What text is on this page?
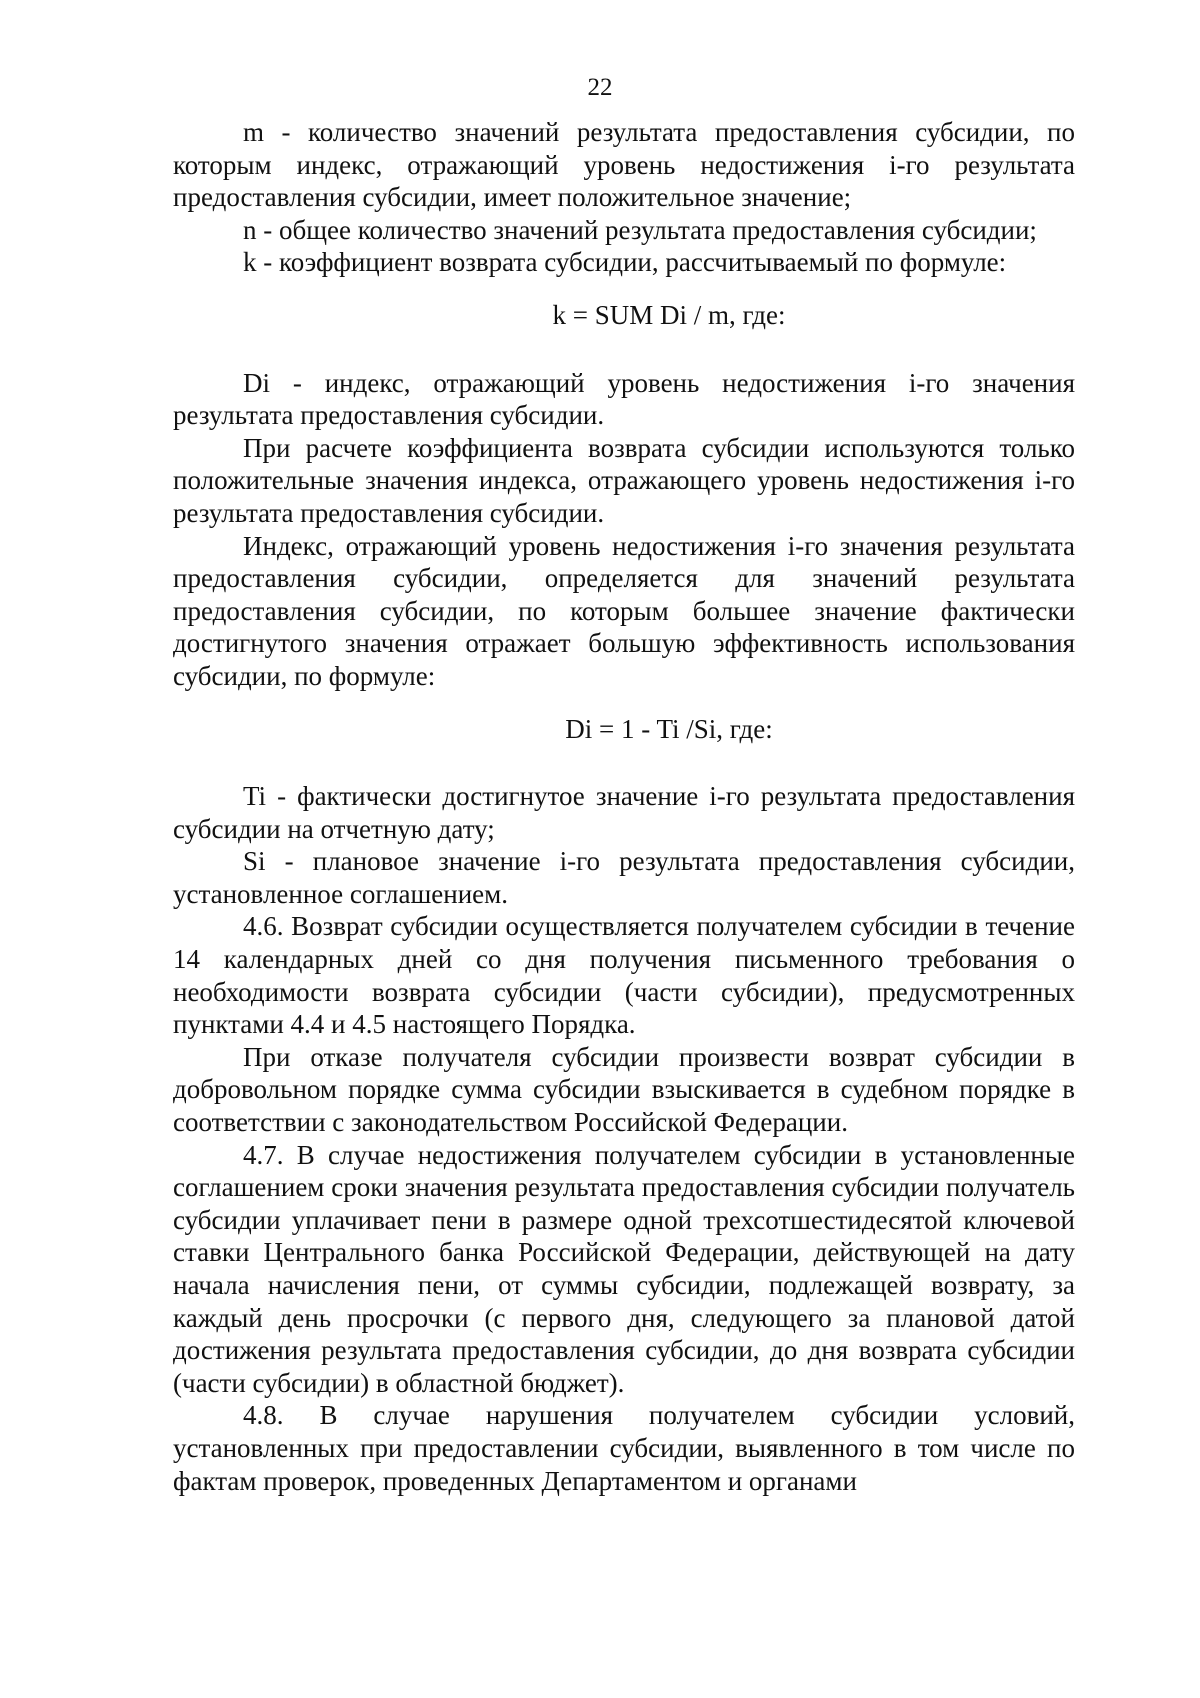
22

m - количество значений результата предоставления субсидии, по которым индекс, отражающий уровень недостижения i-го результата предоставления субсидии, имеет положительное значение;

n - общее количество значений результата предоставления субсидии;

k - коэффициент возврата субсидии, рассчитываемый по формуле:

k = SUM Di / m, где:

Di - индекс, отражающий уровень недостижения i-го значения результата предоставления субсидии.

При расчете коэффициента возврата субсидии используются только положительные значения индекса, отражающего уровень недостижения i-го результата предоставления субсидии.

Индекс, отражающий уровень недостижения i-го значения результата предоставления субсидии, определяется для значений результата предоставления субсидии, по которым большее значение фактически достигнутого значения отражает большую эффективность использования субсидии, по формуле:

Di = 1 - Ti /Si, где:

Ti - фактически достигнутое значение i-го результата предоставления субсидии на отчетную дату;

Si - плановое значение i-го результата предоставления субсидии, установленное соглашением.

4.6. Возврат субсидии осуществляется получателем субсидии в течение 14 календарных дней со дня получения письменного требования о необходимости возврата субсидии (части субсидии), предусмотренных пунктами 4.4 и 4.5 настоящего Порядка.

При отказе получателя субсидии произвести возврат субсидии в добровольном порядке сумма субсидии взыскивается в судебном порядке в соответствии с законодательством Российской Федерации.

4.7. В случае недостижения получателем субсидии в установленные соглашением сроки значения результата предоставления субсидии получатель субсидии уплачивает пени в размере одной трехсотшестидесятой ключевой ставки Центрального банка Российской Федерации, действующей на дату начала начисления пени, от суммы субсидии, подлежащей возврату, за каждый день просрочки (с первого дня, следующего за плановой датой достижения результата предоставления субсидии, до дня возврата субсидии (части субсидии) в областной бюджет).

4.8. В случае нарушения получателем субсидии условий, установленных при предоставлении субсидии, выявленного в том числе по фактам проверок, проведенных Департаментом и органами
